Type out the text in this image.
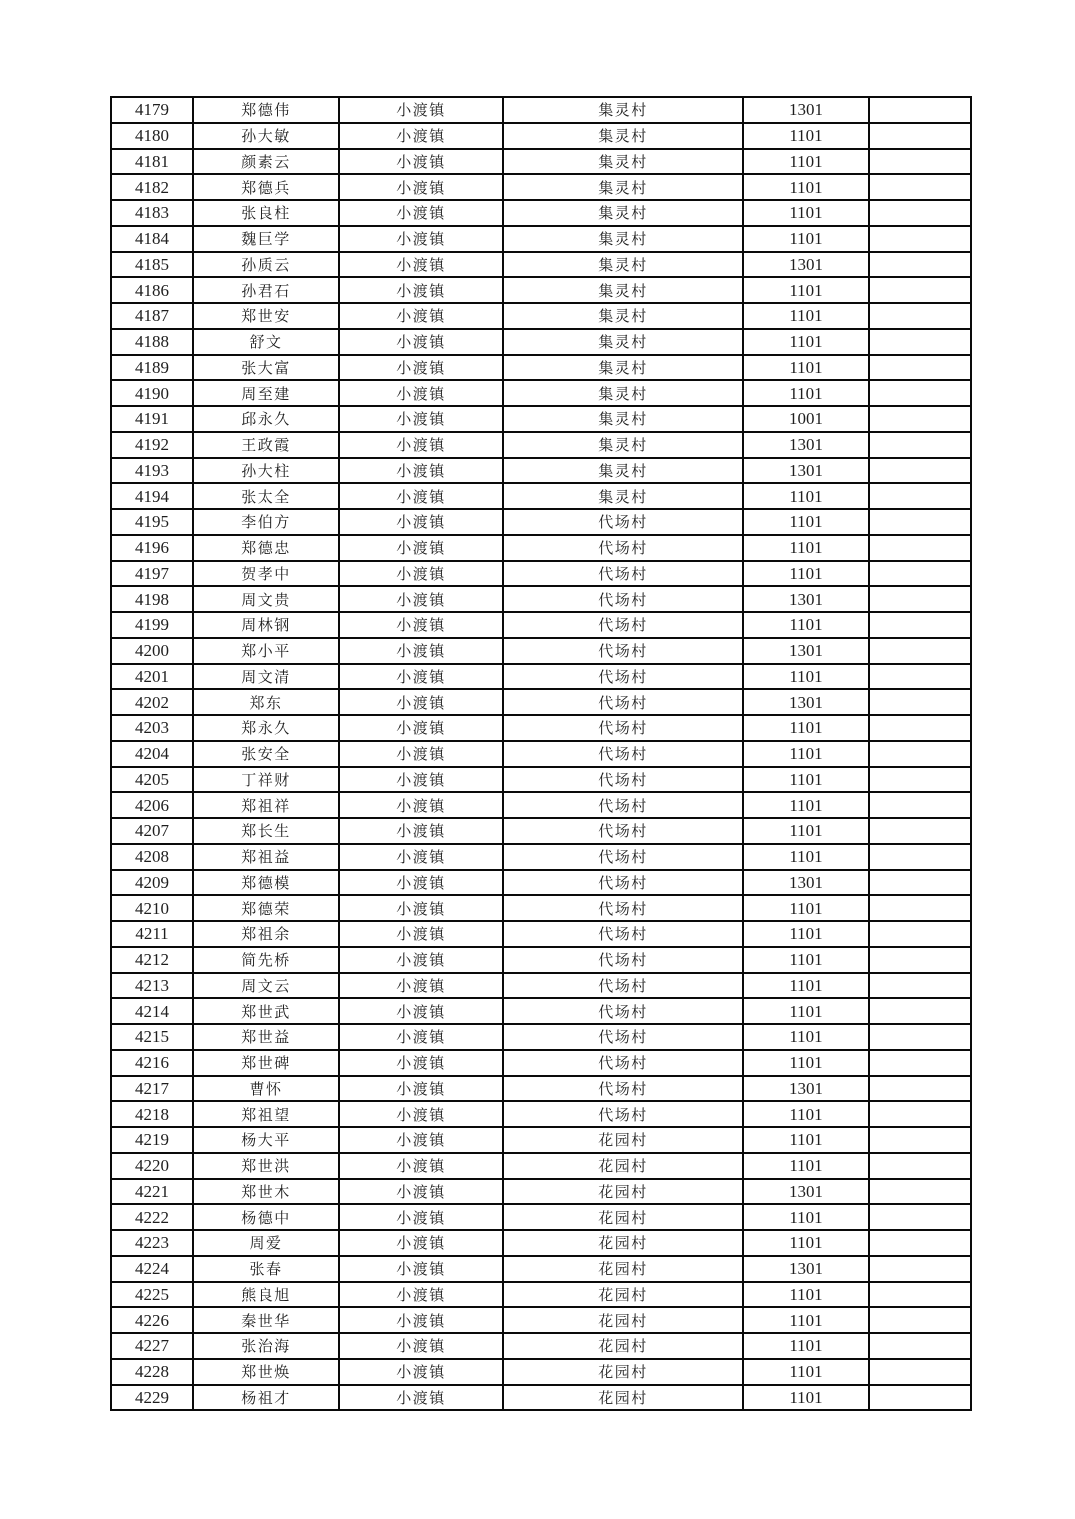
4179	郑德伟	小渡镇	集灵村	1301	
4180	孙大敏	小渡镇	集灵村	1101	
4181	颜素云	小渡镇	集灵村	1101	
4182	郑德兵	小渡镇	集灵村	1101	
4183	张良柱	小渡镇	集灵村	1101	
4184	魏巨学	小渡镇	集灵村	1101	
4185	孙质云	小渡镇	集灵村	1301	
4186	孙君石	小渡镇	集灵村	1101	
4187	郑世安	小渡镇	集灵村	1101	
4188	舒文	小渡镇	集灵村	1101	
4189	张大富	小渡镇	集灵村	1101	
4190	周至建	小渡镇	集灵村	1101	
4191	邱永久	小渡镇	集灵村	1001	
4192	王政霞	小渡镇	集灵村	1301	
4193	孙大柱	小渡镇	集灵村	1301	
4194	张太全	小渡镇	集灵村	1101	
4195	李伯方	小渡镇	代场村	1101	
4196	郑德忠	小渡镇	代场村	1101	
4197	贺孝中	小渡镇	代场村	1101	
4198	周文贵	小渡镇	代场村	1301	
4199	周林钢	小渡镇	代场村	1101	
4200	郑小平	小渡镇	代场村	1301	
4201	周文清	小渡镇	代场村	1101	
4202	郑东	小渡镇	代场村	1301	
4203	郑永久	小渡镇	代场村	1101	
4204	张安全	小渡镇	代场村	1101	
4205	丁祥财	小渡镇	代场村	1101	
4206	郑祖祥	小渡镇	代场村	1101	
4207	郑长生	小渡镇	代场村	1101	
4208	郑祖益	小渡镇	代场村	1101	
4209	郑德模	小渡镇	代场村	1301	
4210	郑德荣	小渡镇	代场村	1101	
4211	郑祖余	小渡镇	代场村	1101	
4212	简先桥	小渡镇	代场村	1101	
4213	周文云	小渡镇	代场村	1101	
4214	郑世武	小渡镇	代场村	1101	
4215	郑世益	小渡镇	代场村	1101	
4216	郑世碑	小渡镇	代场村	1101	
4217	曹怀	小渡镇	代场村	1301	
4218	郑祖望	小渡镇	代场村	1101	
4219	杨大平	小渡镇	花园村	1101	
4220	郑世洪	小渡镇	花园村	1101	
4221	郑世木	小渡镇	花园村	1301	
4222	杨德中	小渡镇	花园村	1101	
4223	周爱	小渡镇	花园村	1101	
4224	张春	小渡镇	花园村	1301	
4225	熊良旭	小渡镇	花园村	1101	
4226	秦世华	小渡镇	花园村	1101	
4227	张治海	小渡镇	花园村	1101	
4228	郑世焕	小渡镇	花园村	1101	
4229	杨祖才	小渡镇	花园村	1101	
